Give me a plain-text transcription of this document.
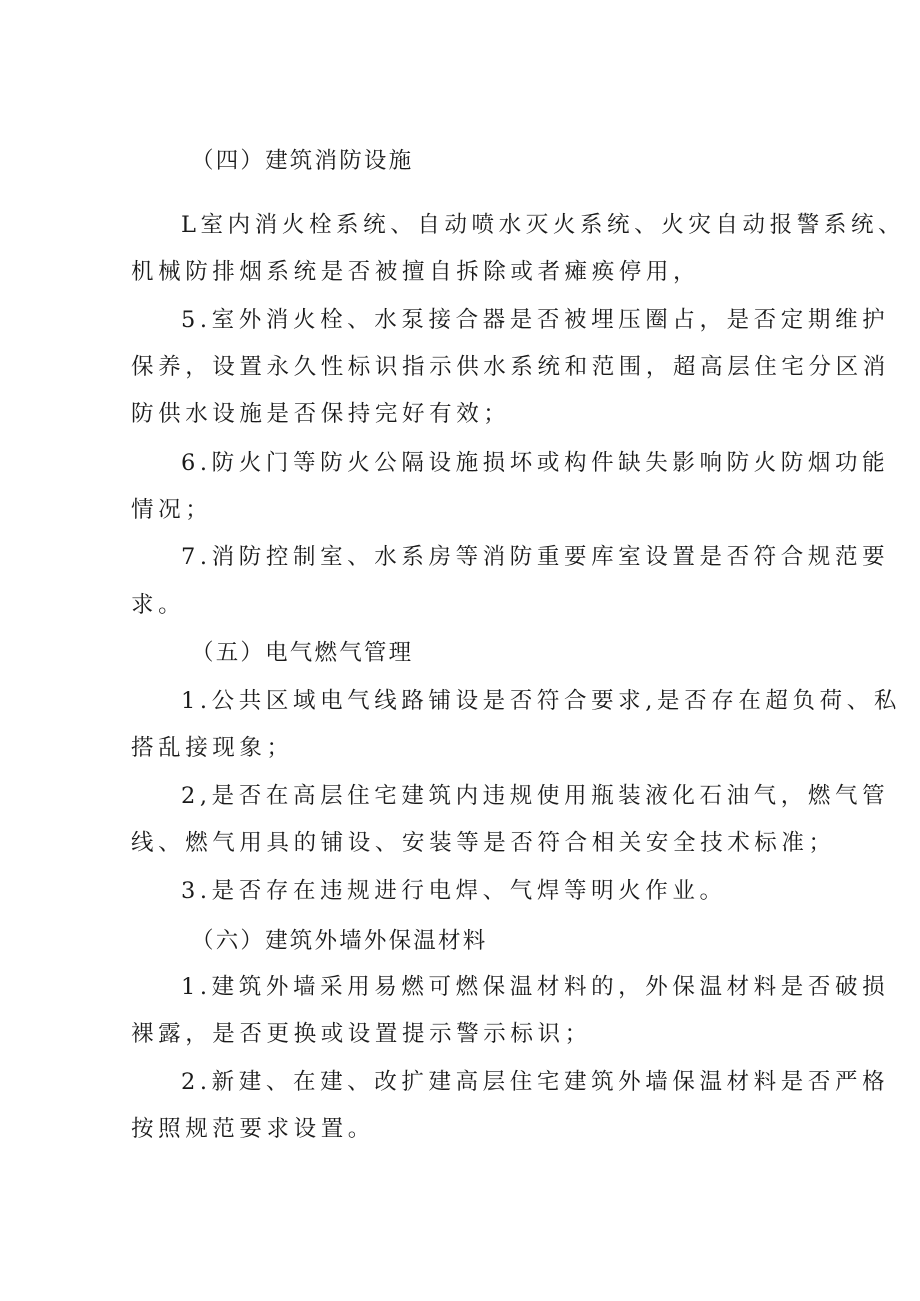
（四）建筑消防设施
L室内消火栓系统、自动喷水灭火系统、火灾自动报警系统、
机械防排烟系统是否被擅自拆除或者瘫痪停用，
5.室外消火栓、水泵接合器是否被埋压圈占，是否定期维护
保养，设置永久性标识指示供水系统和范围，超高层住宅分区消
防供水设施是否保持完好有效；
6.防火门等防火公隔设施损坏或构件缺失影响防火防烟功能
情况；
7.消防控制室、水系房等消防重要库室设置是否符合规范要
求。
（五）电气燃气管理
1.公共区域电气线路铺设是否符合要求,是否存在超负荷、私
搭乱接现象；
2,是否在高层住宅建筑内违规使用瓶装液化石油气，燃气管
线、燃气用具的铺设、安装等是否符合相关安全技术标准；
3.是否存在违规进行电焊、气焊等明火作业。
（六）建筑外墙外保温材料
1.建筑外墙采用易燃可燃保温材料的，外保温材料是否破损
裸露，是否更换或设置提示警示标识；
2.新建、在建、改扩建高层住宅建筑外墙保温材料是否严格
按照规范要求设置。
